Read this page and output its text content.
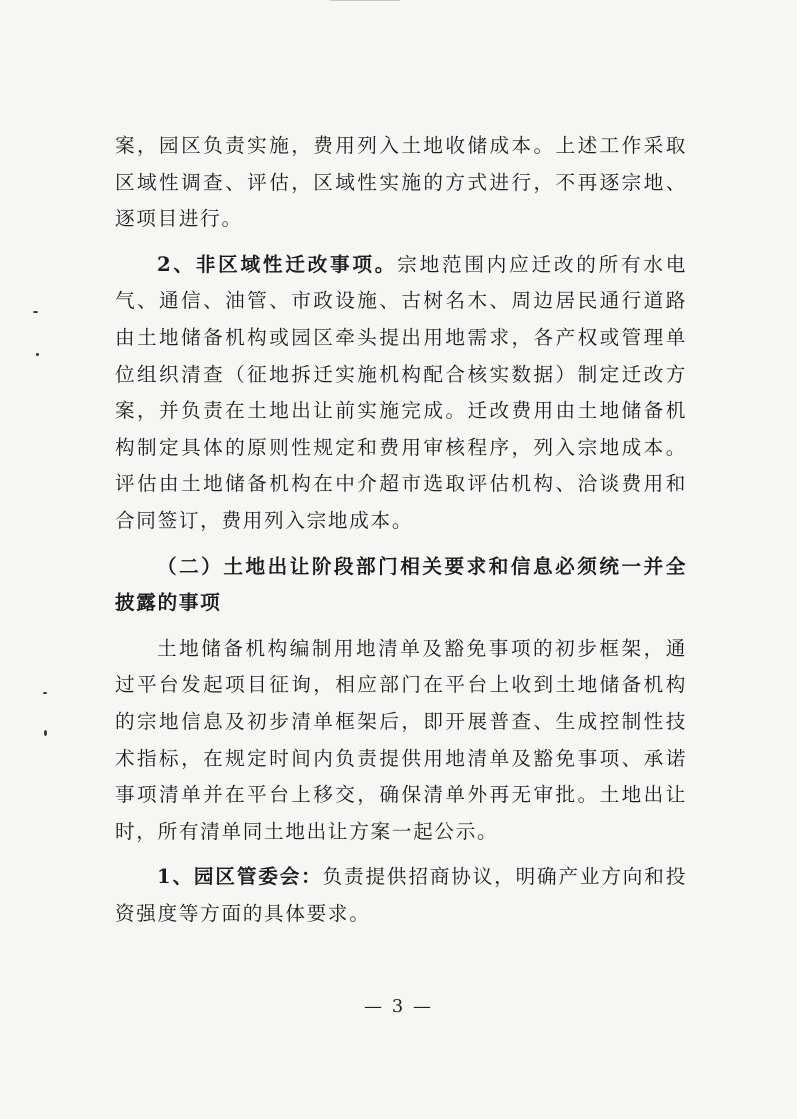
案，园区负责实施，费用列入土地收储成本。上述工作采取区域性调查、评估，区域性实施的方式进行，不再逐宗地、逐项目进行。

2、非区域性迁改事项。宗地范围内应迁改的所有水电气、通信、油管、市政设施、古树名木、周边居民通行道路由土地储备机构或园区牵头提出用地需求，各产权或管理单位组织清查（征地拆迁实施机构配合核实数据）制定迁改方案，并负责在土地出让前实施完成。迁改费用由土地储备机构制定具体的原则性规定和费用审核程序，列入宗地成本。评估由土地储备机构在中介超市选取评估机构、洽谈费用和合同签订，费用列入宗地成本。

（二）土地出让阶段部门相关要求和信息必须统一并全披露的事项

土地储备机构编制用地清单及豁免事项的初步框架，通过平台发起项目征询，相应部门在平台上收到土地储备机构的宗地信息及初步清单框架后，即开展普查、生成控制性技术指标，在规定时间内负责提供用地清单及豁免事项、承诺事项清单并在平台上移交，确保清单外再无审批。土地出让时，所有清单同土地出让方案一起公示。

1、园区管委会：负责提供招商协议，明确产业方向和投资强度等方面的具体要求。

— 3 —
